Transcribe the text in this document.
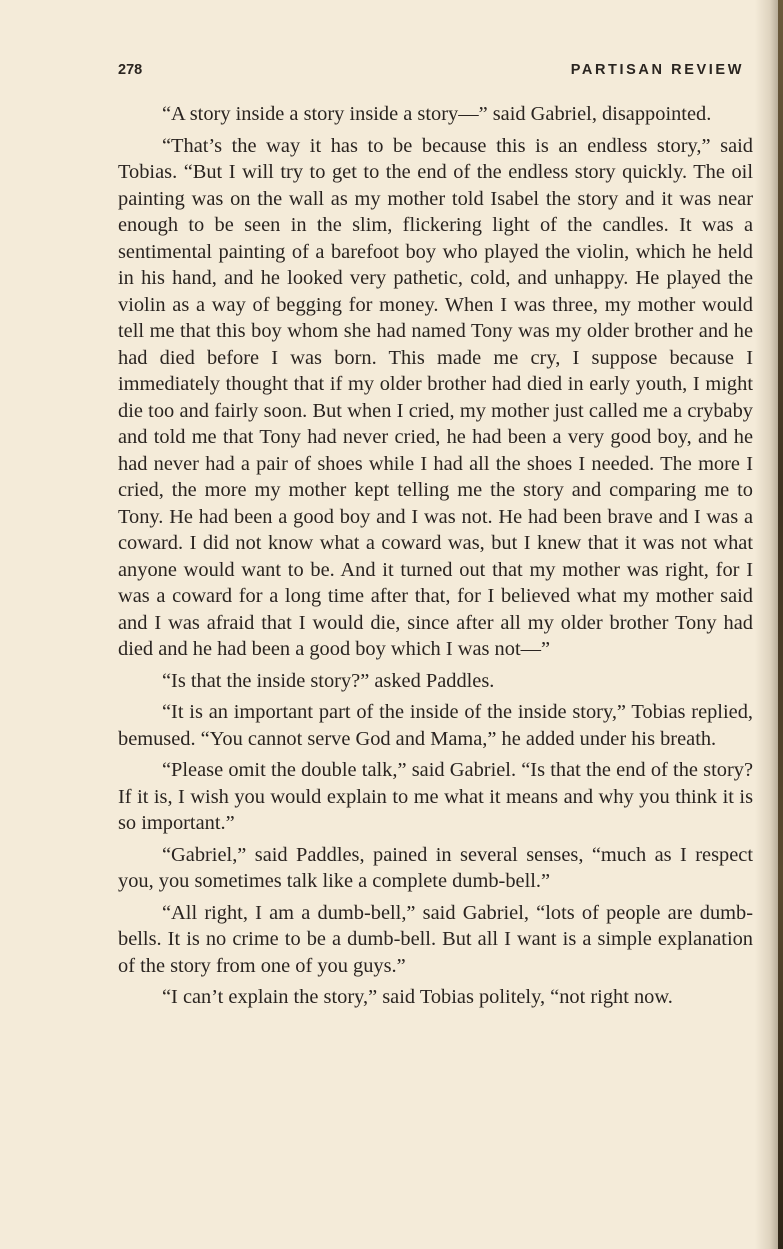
278	PARTISAN REVIEW

“A story inside a story inside a story—” said Gabriel, disappointed.

“That’s the way it has to be because this is an endless story,” said Tobias. “But I will try to get to the end of the endless story quickly. The oil painting was on the wall as my mother told Isabel the story and it was near enough to be seen in the slim, flickering light of the candles. It was a sentimental painting of a barefoot boy who played the violin, which he held in his hand, and he looked very pathetic, cold, and unhappy. He played the violin as a way of begging for money. When I was three, my mother would tell me that this boy whom she had named Tony was my older brother and he had died before I was born. This made me cry, I suppose because I immediately thought that if my older brother had died in early youth, I might die too and fairly soon. But when I cried, my mother just called me a crybaby and told me that Tony had never cried, he had been a very good boy, and he had never had a pair of shoes while I had all the shoes I needed. The more I cried, the more my mother kept telling me the story and comparing me to Tony. He had been a good boy and I was not. He had been brave and I was a coward. I did not know what a coward was, but I knew that it was not what anyone would want to be. And it turned out that my mother was right, for I was a coward for a long time after that, for I believed what my mother said and I was afraid that I would die, since after all my older brother Tony had died and he had been a good boy which I was not—”

“Is that the inside story?” asked Paddles.

“It is an important part of the inside of the inside story,” Tobias replied, bemused. “You cannot serve God and Mama,” he added under his breath.

“Please omit the double talk,” said Gabriel. “Is that the end of the story? If it is, I wish you would explain to me what it means and why you think it is so important.”

“Gabriel,” said Paddles, pained in several senses, “much as I respect you, you sometimes talk like a complete dumb-bell.”

“All right, I am a dumb-bell,” said Gabriel, “lots of people are dumb-bells. It is no crime to be a dumb-bell. But all I want is a simple explanation of the story from one of you guys.”

“I can’t explain the story,” said Tobias politely, “not right now.
